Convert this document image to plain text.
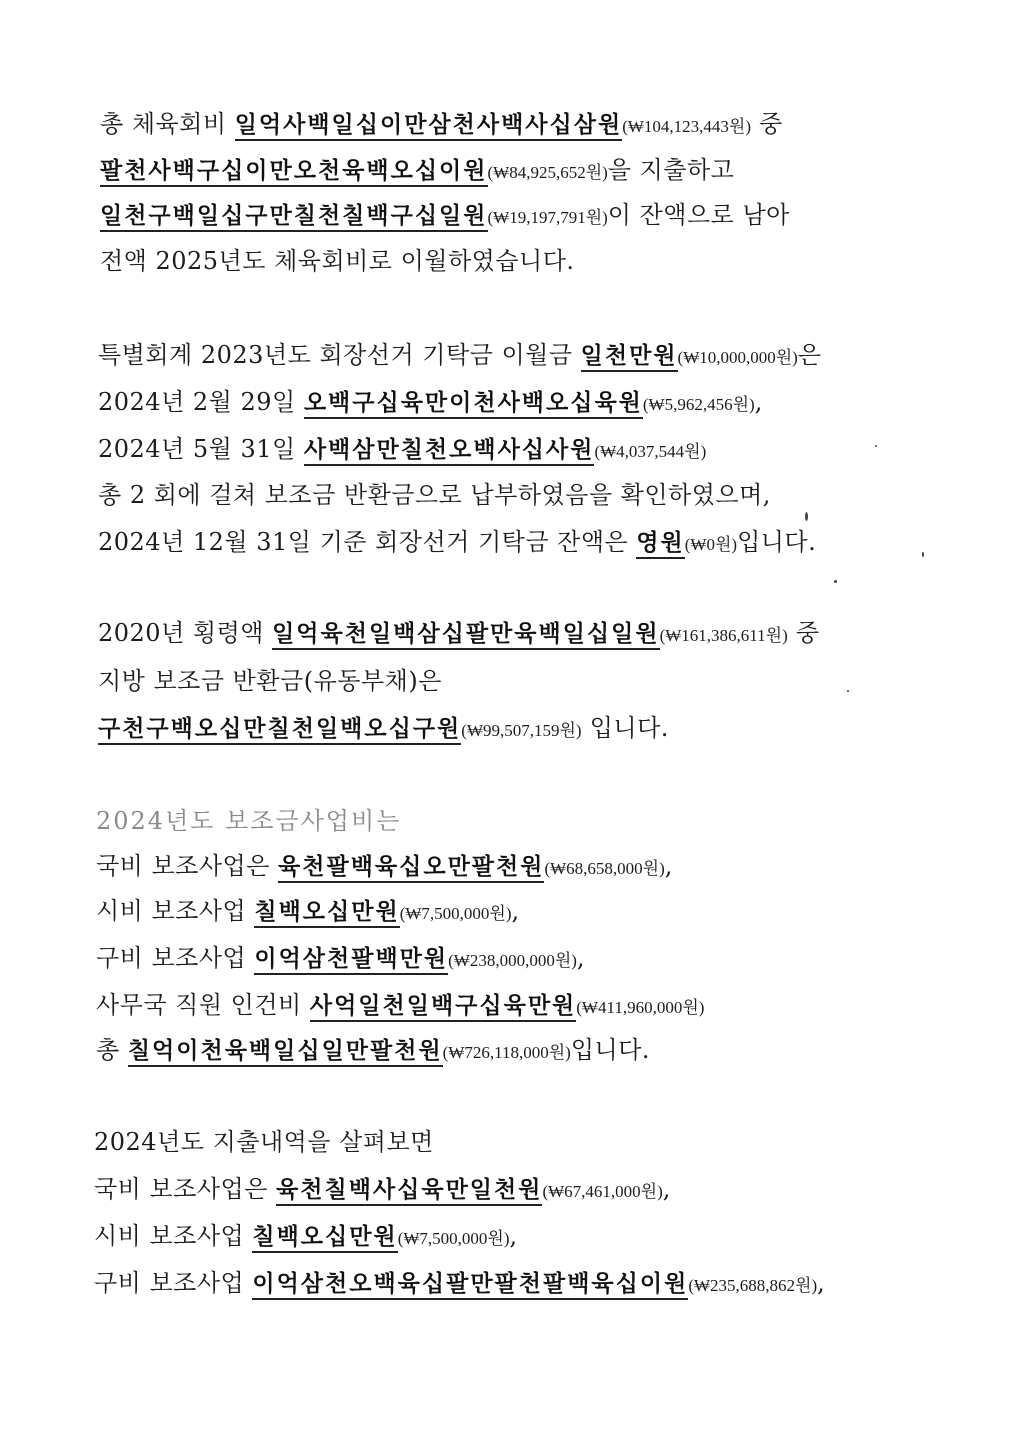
총 체육회비 일억사백일십이만삼천사백사십삼원(₩104,123,443원) 중
팔천사백구십이만오천육백오십이원(₩84,925,652원)을 지출하고
일천구백일십구만칠천칠백구십일원(₩19,197,791원)이 잔액으로 남아
전액 2025년도 체육회비로 이월하였습니다.
특별회계 2023년도 회장선거 기탁금 이월금 일천만원(₩10,000,000원)은
2024년 2월 29일 오백구십육만이천사백오십육원(₩5,962,456원),
2024년 5월 31일 사백삼만칠천오백사십사원(₩4,037,544원)
총 2 회에 걸쳐 보조금 반환금으로 납부하였음을 확인하였으며,
2024년 12월 31일 기준 회장선거 기탁금 잔액은 영원(₩0원)입니다.
2020년 횡령액 일억육천일백삼십팔만육백일십일원(₩161,386,611원) 중
지방 보조금 반환금(유동부채)은
구천구백오십만칠천일백오십구원(₩99,507,159원) 입니다.
2024년도 보조금사업비는
국비 보조사업은 육천팔백육십오만팔천원(₩68,658,000원),
시비 보조사업 칠백오십만원(₩7,500,000원),
구비 보조사업 이억삼천팔백만원(₩238,000,000원),
사무국 직원 인건비 사억일천일백구십육만원(₩411,960,000원)
총 칠억이천육백일십일만팔천원(₩726,118,000원)입니다.
2024년도 지출내역을 살펴보면
국비 보조사업은 육천칠백사십육만일천원(₩67,461,000원),
시비 보조사업 칠백오십만원(₩7,500,000원),
구비 보조사업 이억삼천오백육십팔만팔천팔백육십이원(₩235,688,862원),
